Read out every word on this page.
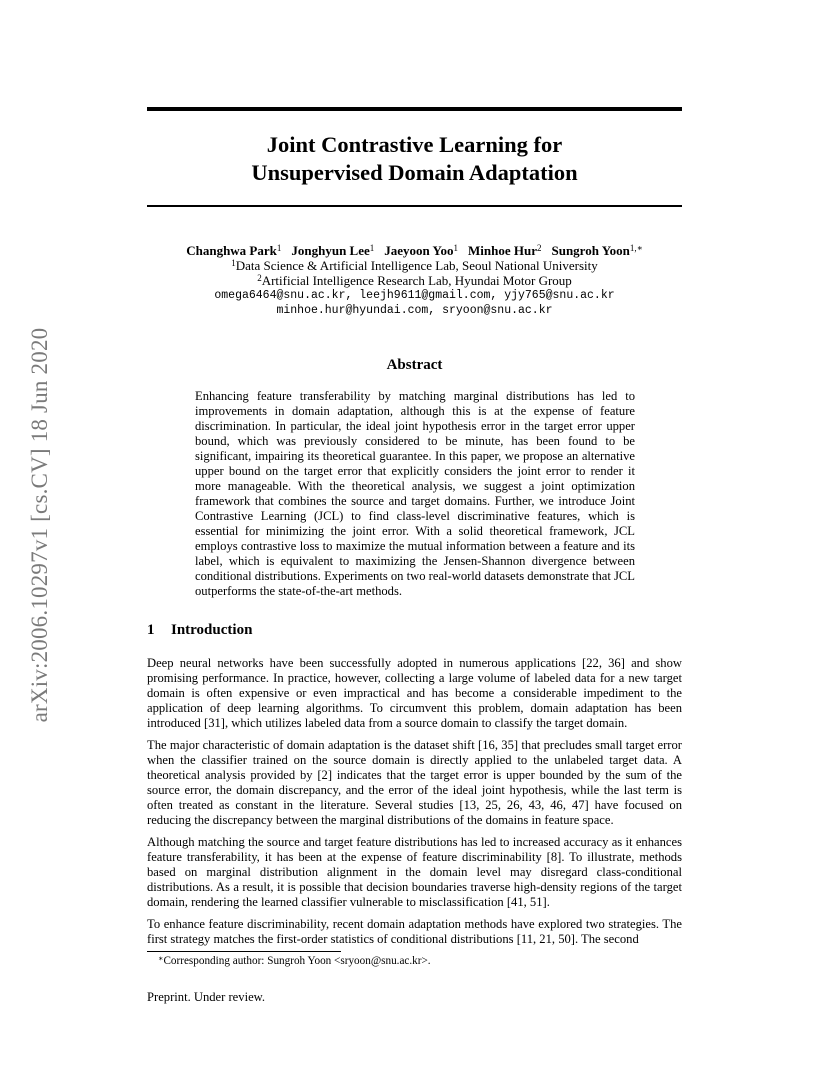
arXiv:2006.10297v1 [cs.CV] 18 Jun 2020
Joint Contrastive Learning for
Unsupervised Domain Adaptation
Changhwa Park$^1$ Jonghyun Lee$^1$ Jaeyoon Yoo$^1$ Minhoe Hur$^2$ Sungroh Yoon$^{1,∗}$
$^1$Data Science & Artificial Intelligence Lab, Seoul National University
$^2$Artificial Intelligence Research Lab, Hyundai Motor Group
omega6464@snu.ac.kr, leejh9611@gmail.com, yjy765@snu.ac.kr
minhoe.hur@hyundai.com, sryoon@snu.ac.kr
Abstract
Enhancing feature transferability by matching marginal distributions has led to improvements in domain adaptation, although this is at the expense of feature discrimination. In particular, the ideal joint hypothesis error in the target error upper bound, which was previously considered to be minute, has been found to be significant, impairing its theoretical guarantee. In this paper, we propose an alternative upper bound on the target error that explicitly considers the joint error to render it more manageable. With the theoretical analysis, we suggest a joint optimization framework that combines the source and target domains. Further, we introduce Joint Contrastive Learning (JCL) to find class-level discriminative features, which is essential for minimizing the joint error. With a solid theoretical framework, JCL employs contrastive loss to maximize the mutual information between a feature and its label, which is equivalent to maximizing the Jensen-Shannon divergence between conditional distributions. Experiments on two real-world datasets demonstrate that JCL outperforms the state-of-the-art methods.
1 Introduction

Deep neural networks have been successfully adopted in numerous applications [22, 36] and show promising performance. In practice, however, collecting a large volume of labeled data for a new target domain is often expensive or even impractical and has become a considerable impediment to the application of deep learning algorithms. To circumvent this problem, domain adaptation has been introduced [31], which utilizes labeled data from a source domain to classify the target domain.

The major characteristic of domain adaptation is the dataset shift [16, 35] that precludes small target error when the classifier trained on the source domain is directly applied to the unlabeled target data. A theoretical analysis provided by [2] indicates that the target error is upper bounded by the sum of the source error, the domain discrepancy, and the error of the ideal joint hypothesis, while the last term is often treated as constant in the literature. Several studies [13, 25, 26, 43, 46, 47] have focused on reducing the discrepancy between the marginal distributions of the domains in feature space.

Although matching the source and target feature distributions has led to increased accuracy as it enhances feature transferability, it has been at the expense of feature discriminability [8]. To illustrate, methods based on marginal distribution alignment in the domain level may disregard class-conditional distributions. As a result, it is possible that decision boundaries traverse high-density regions of the target domain, rendering the learned classifier vulnerable to misclassification [41, 51].

To enhance feature discriminability, recent domain adaptation methods have explored two strategies. The first strategy matches the first-order statistics of conditional distributions [11, 21, 50]. The second

∗Corresponding author: Sungroh Yoon <sryoon@snu.ac.kr>.
Preprint. Under review.
